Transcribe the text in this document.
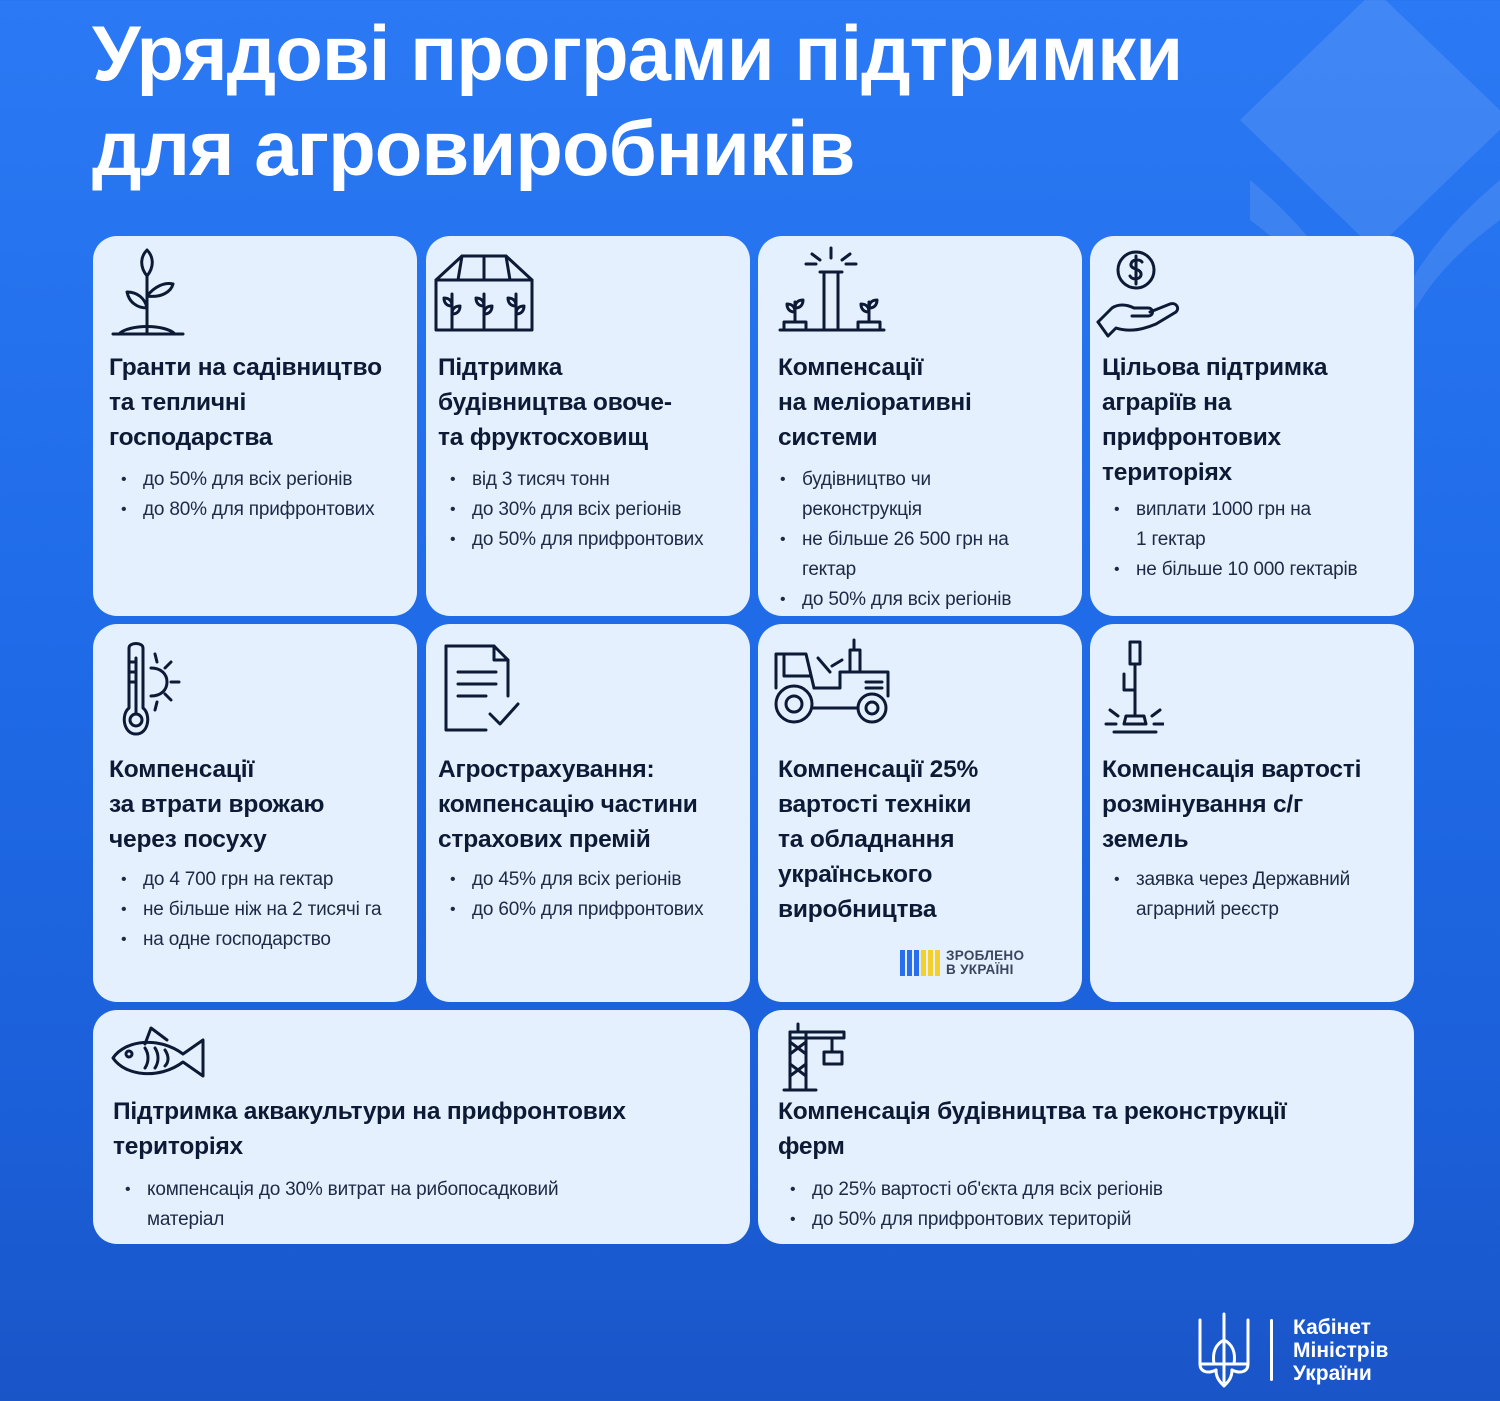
Урядові програми підтримки
для агровиробників
Гранти на садівництво
та тепличні
господарства
• до 50% для всіх регіонів
• до 80% для прифронтових
Підтримка
будівництва овоче-
та фруктосховищ
• від 3 тисяч тонн
• до 30% для всіх регіонів
• до 50% для прифронтових
Компенсації
на меліоративні
системи
• будівництво чи реконструкція
• не більше 26 500 грн на гектар
• до 50% для всіх регіонів
Цільова підтримка
аграріїв на
прифронтових
територіях
• виплати 1000 грн на 1 гектар
• не більше 10 000 гектарів
Компенсації
за втрати врожаю
через посуху
• до 4 700 грн на гектар
• не більше ніж на 2 тисячі га
• на одне господарство
Агрострахування:
компенсацію частини
страхових премій
• до 45% для всіх регіонів
• до 60% для прифронтових
Компенсації 25%
вартості техніки
та обладнання
українського
виробництва
ЗРОБЛЕНО
В УКРАЇНІ
Компенсація вартості
розмінування с/г
земель
• заявка через Державний аграрний реєстр
Підтримка аквакультури на прифронтових
територіях
• компенсація до 30% витрат на рибопосадковий матеріал
Компенсація будівництва та реконструкції
ферм
• до 25% вартості об'єкта для всіх регіонів
• до 50% для прифронтових територій
Кабінет
Міністрів
України
